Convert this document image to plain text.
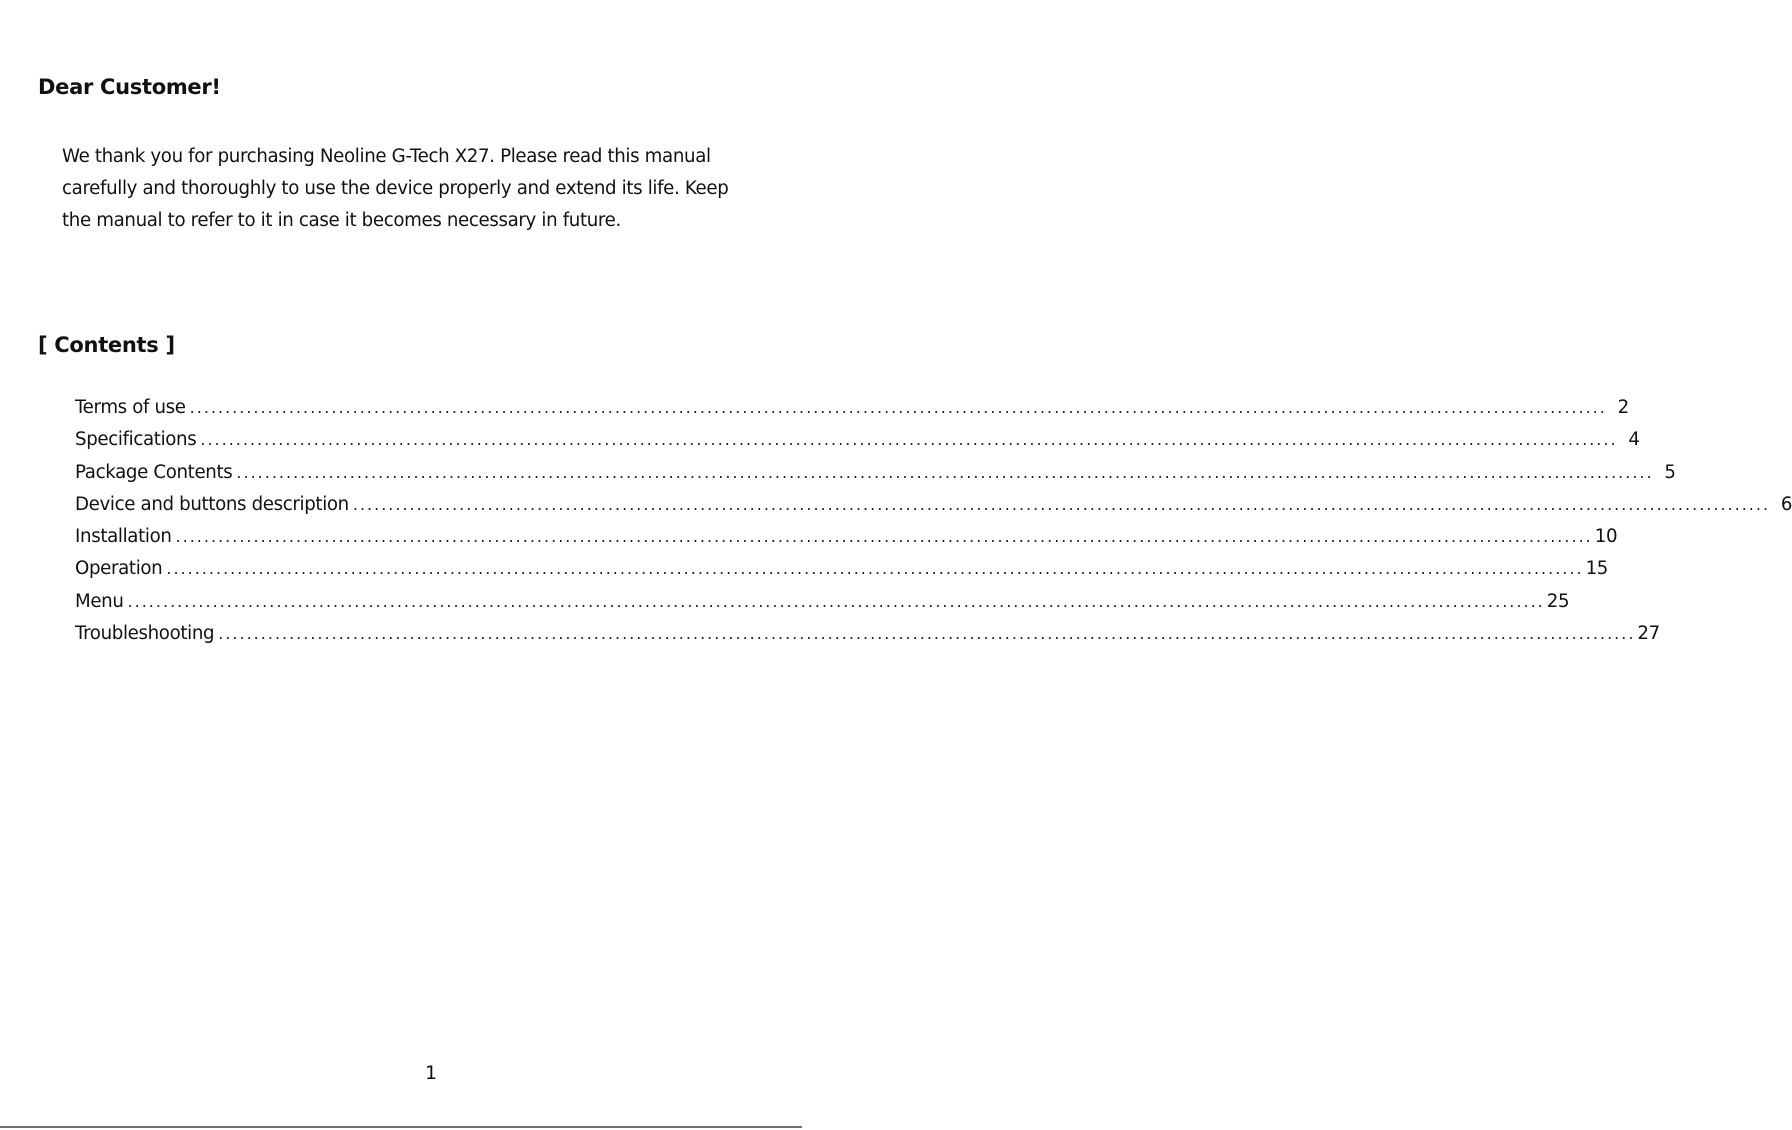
Dear Customer!

We thank you for purchasing Neoline G-Tech X27. Please read this manual
carefully and thoroughly to use the device properly and extend its life. Keep
the manual to refer to it in case it becomes necessary in future.

[ Contents ]
Terms of use ........................................................................................................................................................................................................ 2
Specifications ........................................................................................................................................................................................................ 4
Package Contents ........................................................................................................................................................................................................ 5
Device and buttons description ........................................................................................................................................................................................................ 6
Installation ........................................................................................................................................................................................................ 10
Operation ........................................................................................................................................................................................................ 15
Menu ........................................................................................................................................................................................................ 25
Troubleshooting ........................................................................................................................................................................................................ 27

1
